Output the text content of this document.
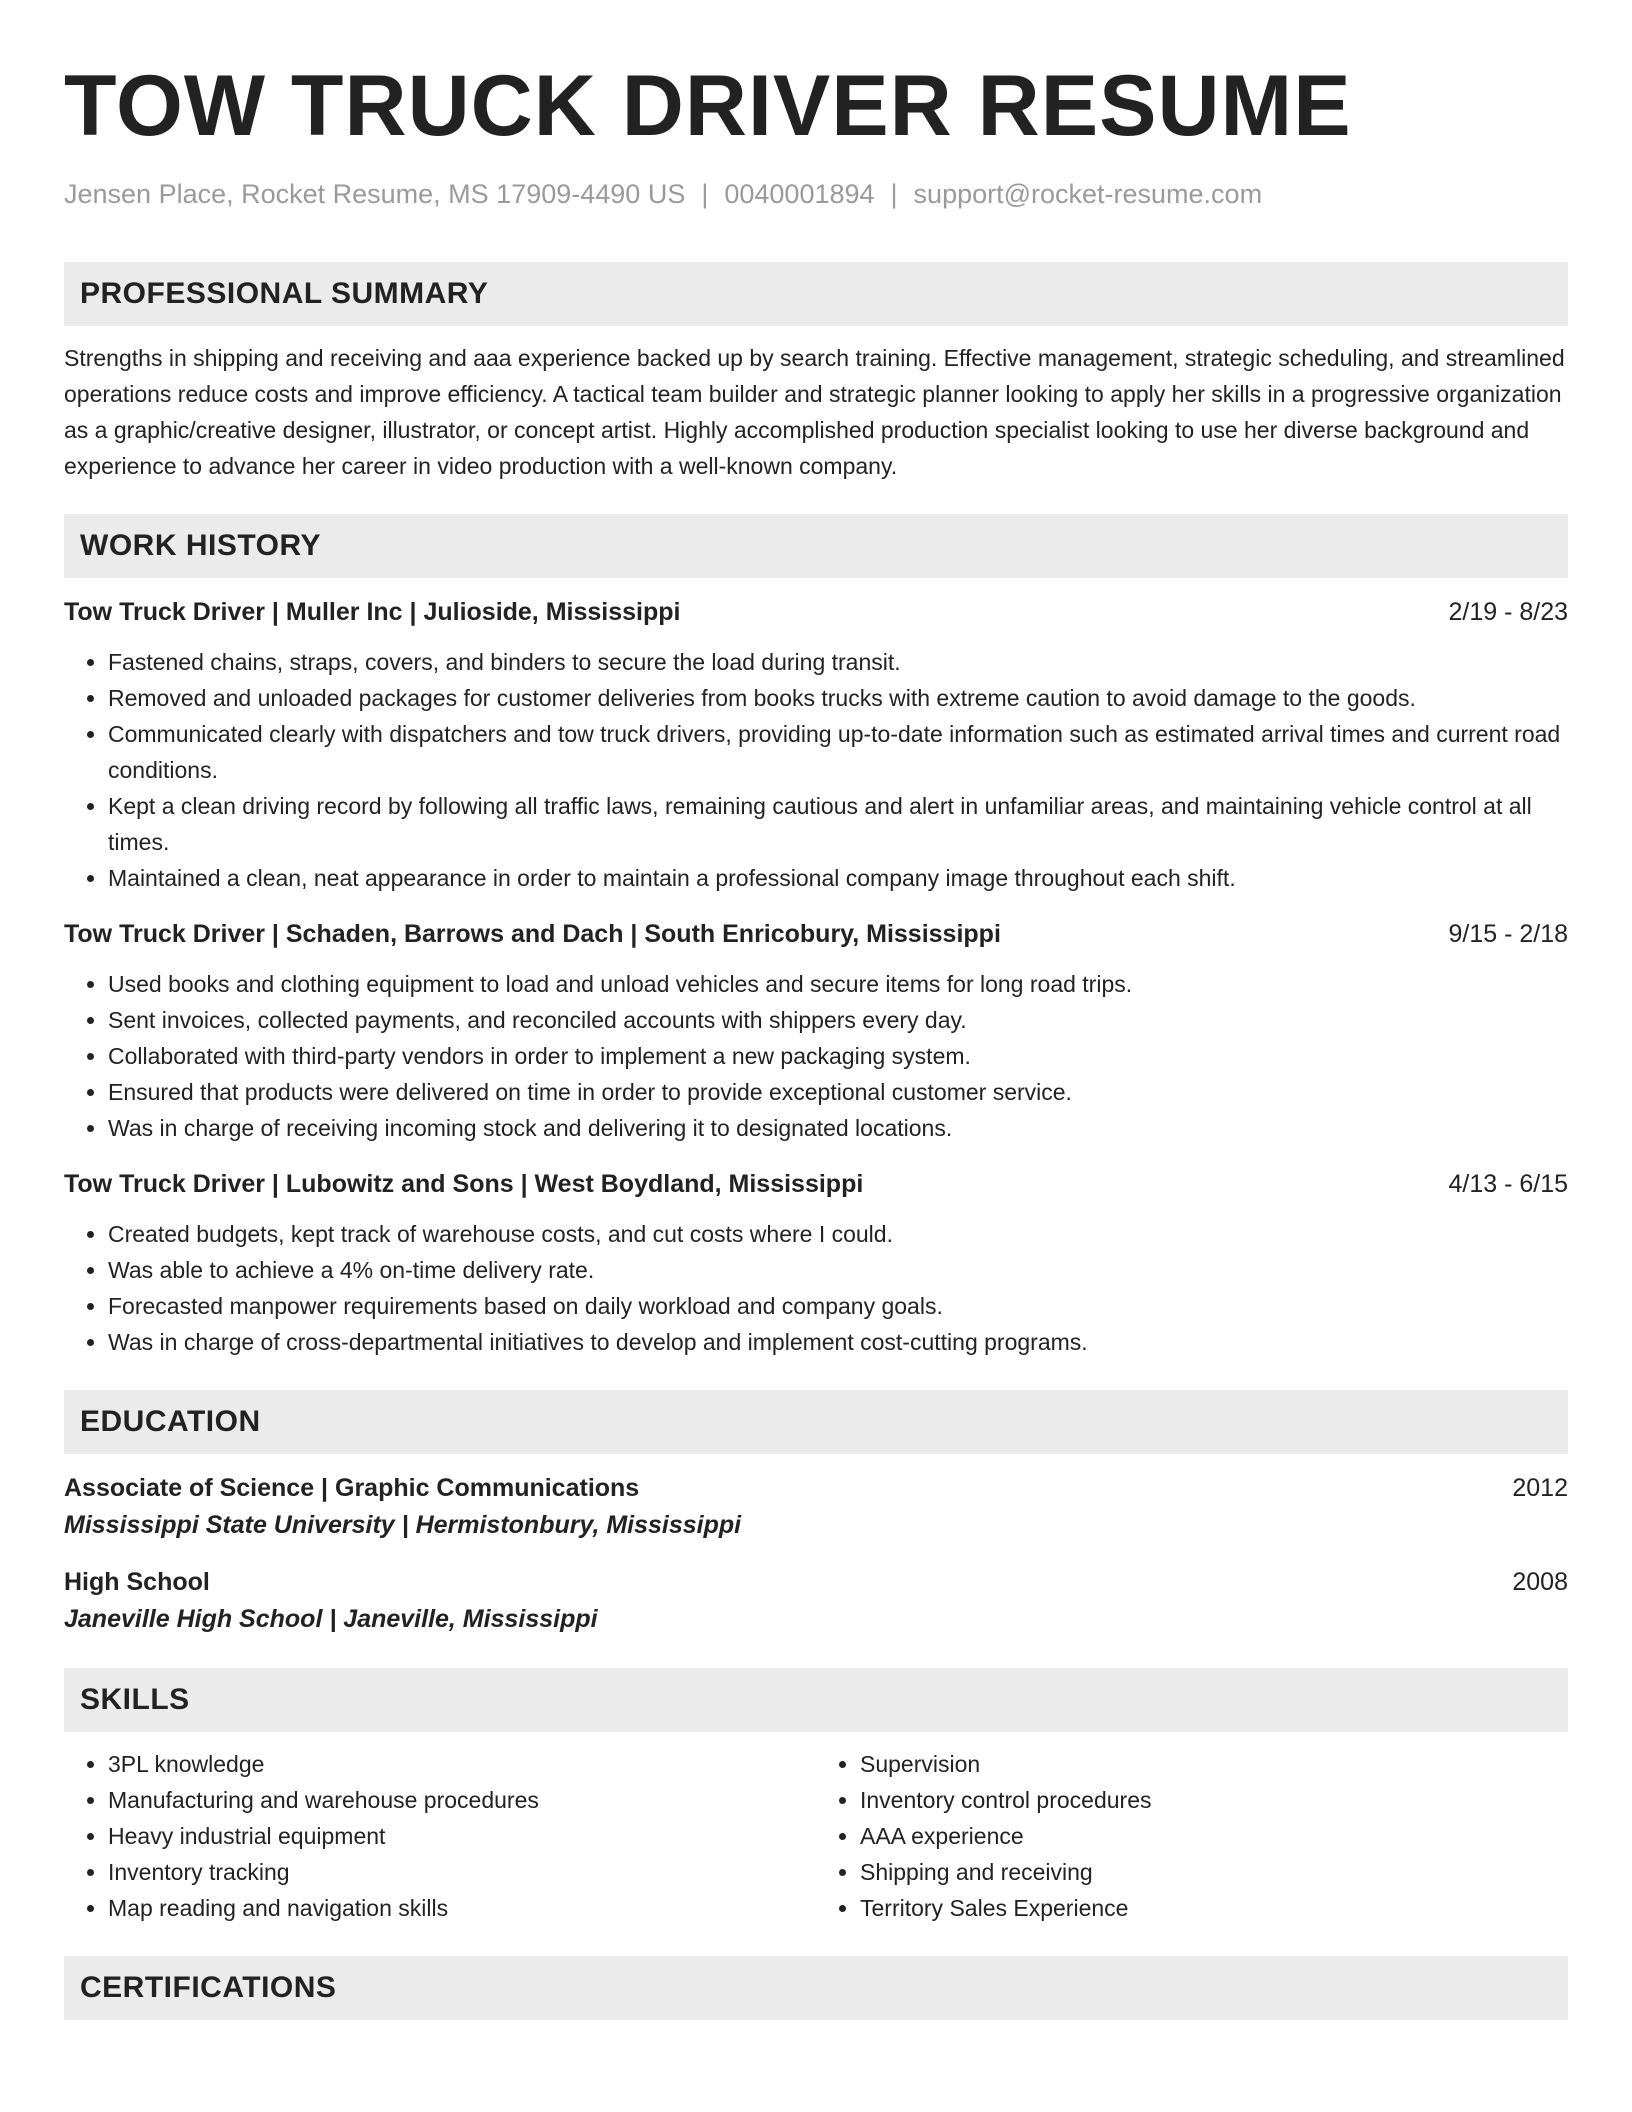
TOW TRUCK DRIVER RESUME
Jensen Place, Rocket Resume, MS 17909-4490 US | 0040001894 | support@rocket-resume.com
PROFESSIONAL SUMMARY

Strengths in shipping and receiving and aaa experience backed up by search training. Effective management, strategic scheduling, and streamlined operations reduce costs and improve efficiency. A tactical team builder and strategic planner looking to apply her skills in a progressive organization as a graphic/creative designer, illustrator, or concept artist. Highly accomplished production specialist looking to use her diverse background and experience to advance her career in video production with a well-known company.

WORK HISTORY
Tow Truck Driver | Muller Inc | Julioside, Mississippi	2/19 - 8/23
• Fastened chains, straps, covers, and binders to secure the load during transit.
• Removed and unloaded packages for customer deliveries from books trucks with extreme caution to avoid damage to the goods.
• Communicated clearly with dispatchers and tow truck drivers, providing up-to-date information such as estimated arrival times and current road conditions.
• Kept a clean driving record by following all traffic laws, remaining cautious and alert in unfamiliar areas, and maintaining vehicle control at all times.
• Maintained a clean, neat appearance in order to maintain a professional company image throughout each shift.
Tow Truck Driver | Schaden, Barrows and Dach | South Enricobury, Mississippi	9/15 - 2/18
• Used books and clothing equipment to load and unload vehicles and secure items for long road trips.
• Sent invoices, collected payments, and reconciled accounts with shippers every day.
• Collaborated with third-party vendors in order to implement a new packaging system.
• Ensured that products were delivered on time in order to provide exceptional customer service.
• Was in charge of receiving incoming stock and delivering it to designated locations.
Tow Truck Driver | Lubowitz and Sons | West Boydland, Mississippi	4/13 - 6/15
• Created budgets, kept track of warehouse costs, and cut costs where I could.
• Was able to achieve a 4% on-time delivery rate.
• Forecasted manpower requirements based on daily workload and company goals.
• Was in charge of cross-departmental initiatives to develop and implement cost-cutting programs.
EDUCATION
Associate of Science | Graphic Communications	2012
Mississippi State University | Hermistonbury, Mississippi
High School	2008
Janeville High School | Janeville, Mississippi
SKILLS
• 3PL knowledge
• Manufacturing and warehouse procedures
• Heavy industrial equipment
• Inventory tracking
• Map reading and navigation skills
• Supervision
• Inventory control procedures
• AAA experience
• Shipping and receiving
• Territory Sales Experience
CERTIFICATIONS
